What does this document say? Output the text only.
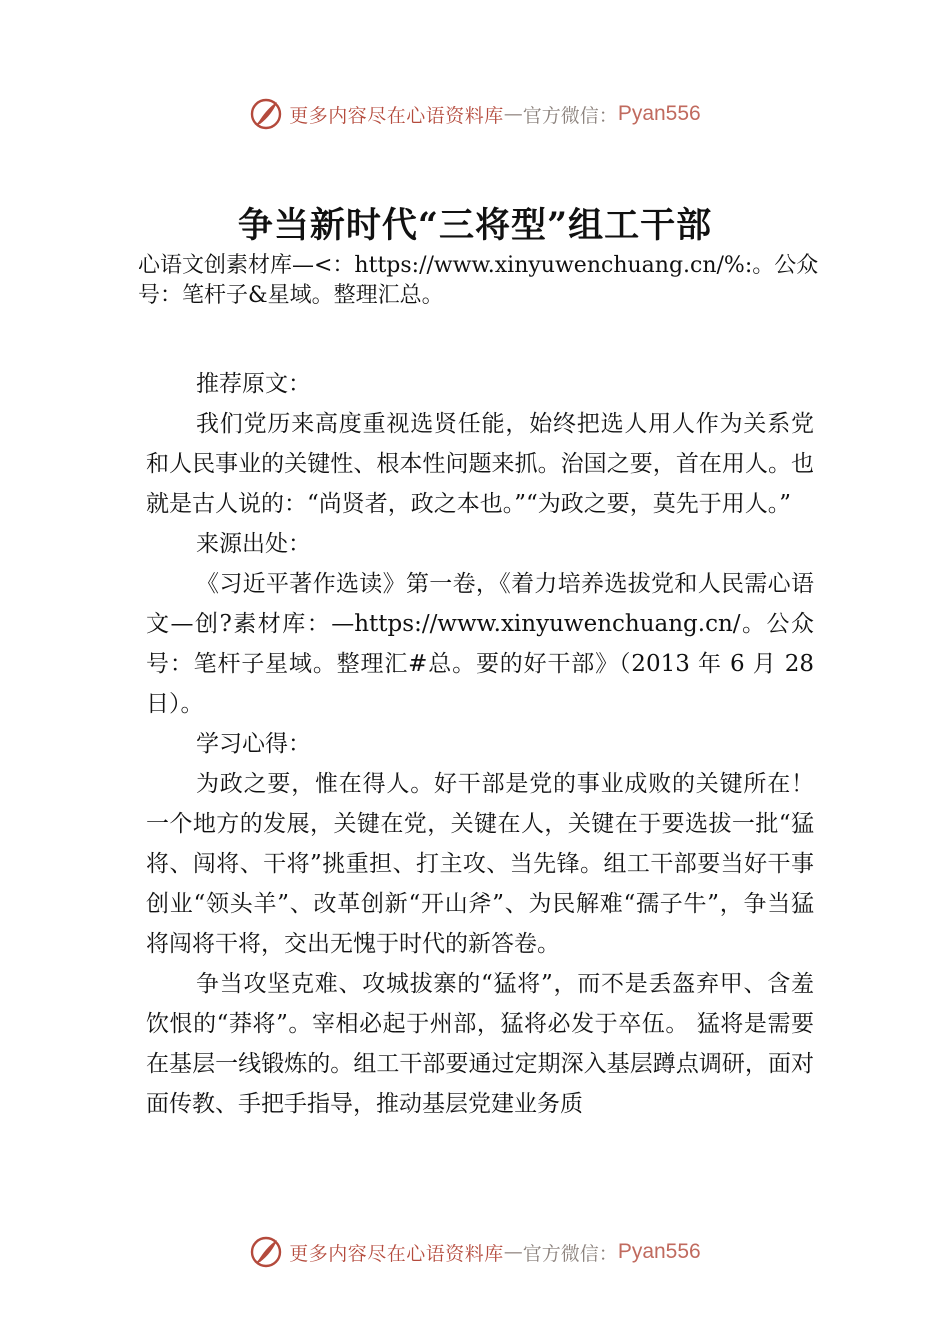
更多内容尽在心语资料库 — 官方微信： Pyan556
争当新时代“三将型”组工干部

心语文创素材库—<：https://www.xinyuwenchuang.cn/%:。公众号：笔杆子&星域。整理汇总。

推荐原文：

我们党历来高度重视选贤任能，始终把选人用人作为关系党和人民事业的关键性、根本性问题来抓。治国之要，首在用人。也就是古人说的：“尚贤者，政之本也。”“为政之要，莫先于用人。”

来源出处：

《习近平著作选读》第一卷，《着力培养选拔党和人民需心语文—创?素材库：—https://www.xinyuwenchuang.cn/。公众号：笔杆子星域。整理汇#总。要的好干部》（2013 年 6 月 28 日）。

学习心得：

为政之要，惟在得人。好干部是党的事业成败的关键所在！一个地方的发展，关键在党，关键在人，关键在于要选拔一批“猛将、闯将、干将”挑重担、打主攻、当先锋。组工干部要当好干事创业“领头羊”、改革创新“开山斧”、为民解难“孺子牛”，争当猛将闯将干将，交出无愧于时代的新答卷。

争当攻坚克难、攻城拔寨的“猛将”，而不是丢盔弃甲、含羞饮恨的“莽将”。宰相必起于州部，猛将必发于卒伍。 猛将是需要在基层一线锻炼的。组工干部要通过定期深入基层蹲点调研，面对面传教、手把手指导，推动基层党建业务质

更多内容尽在心语资料库 — 官方微信： Pyan556
